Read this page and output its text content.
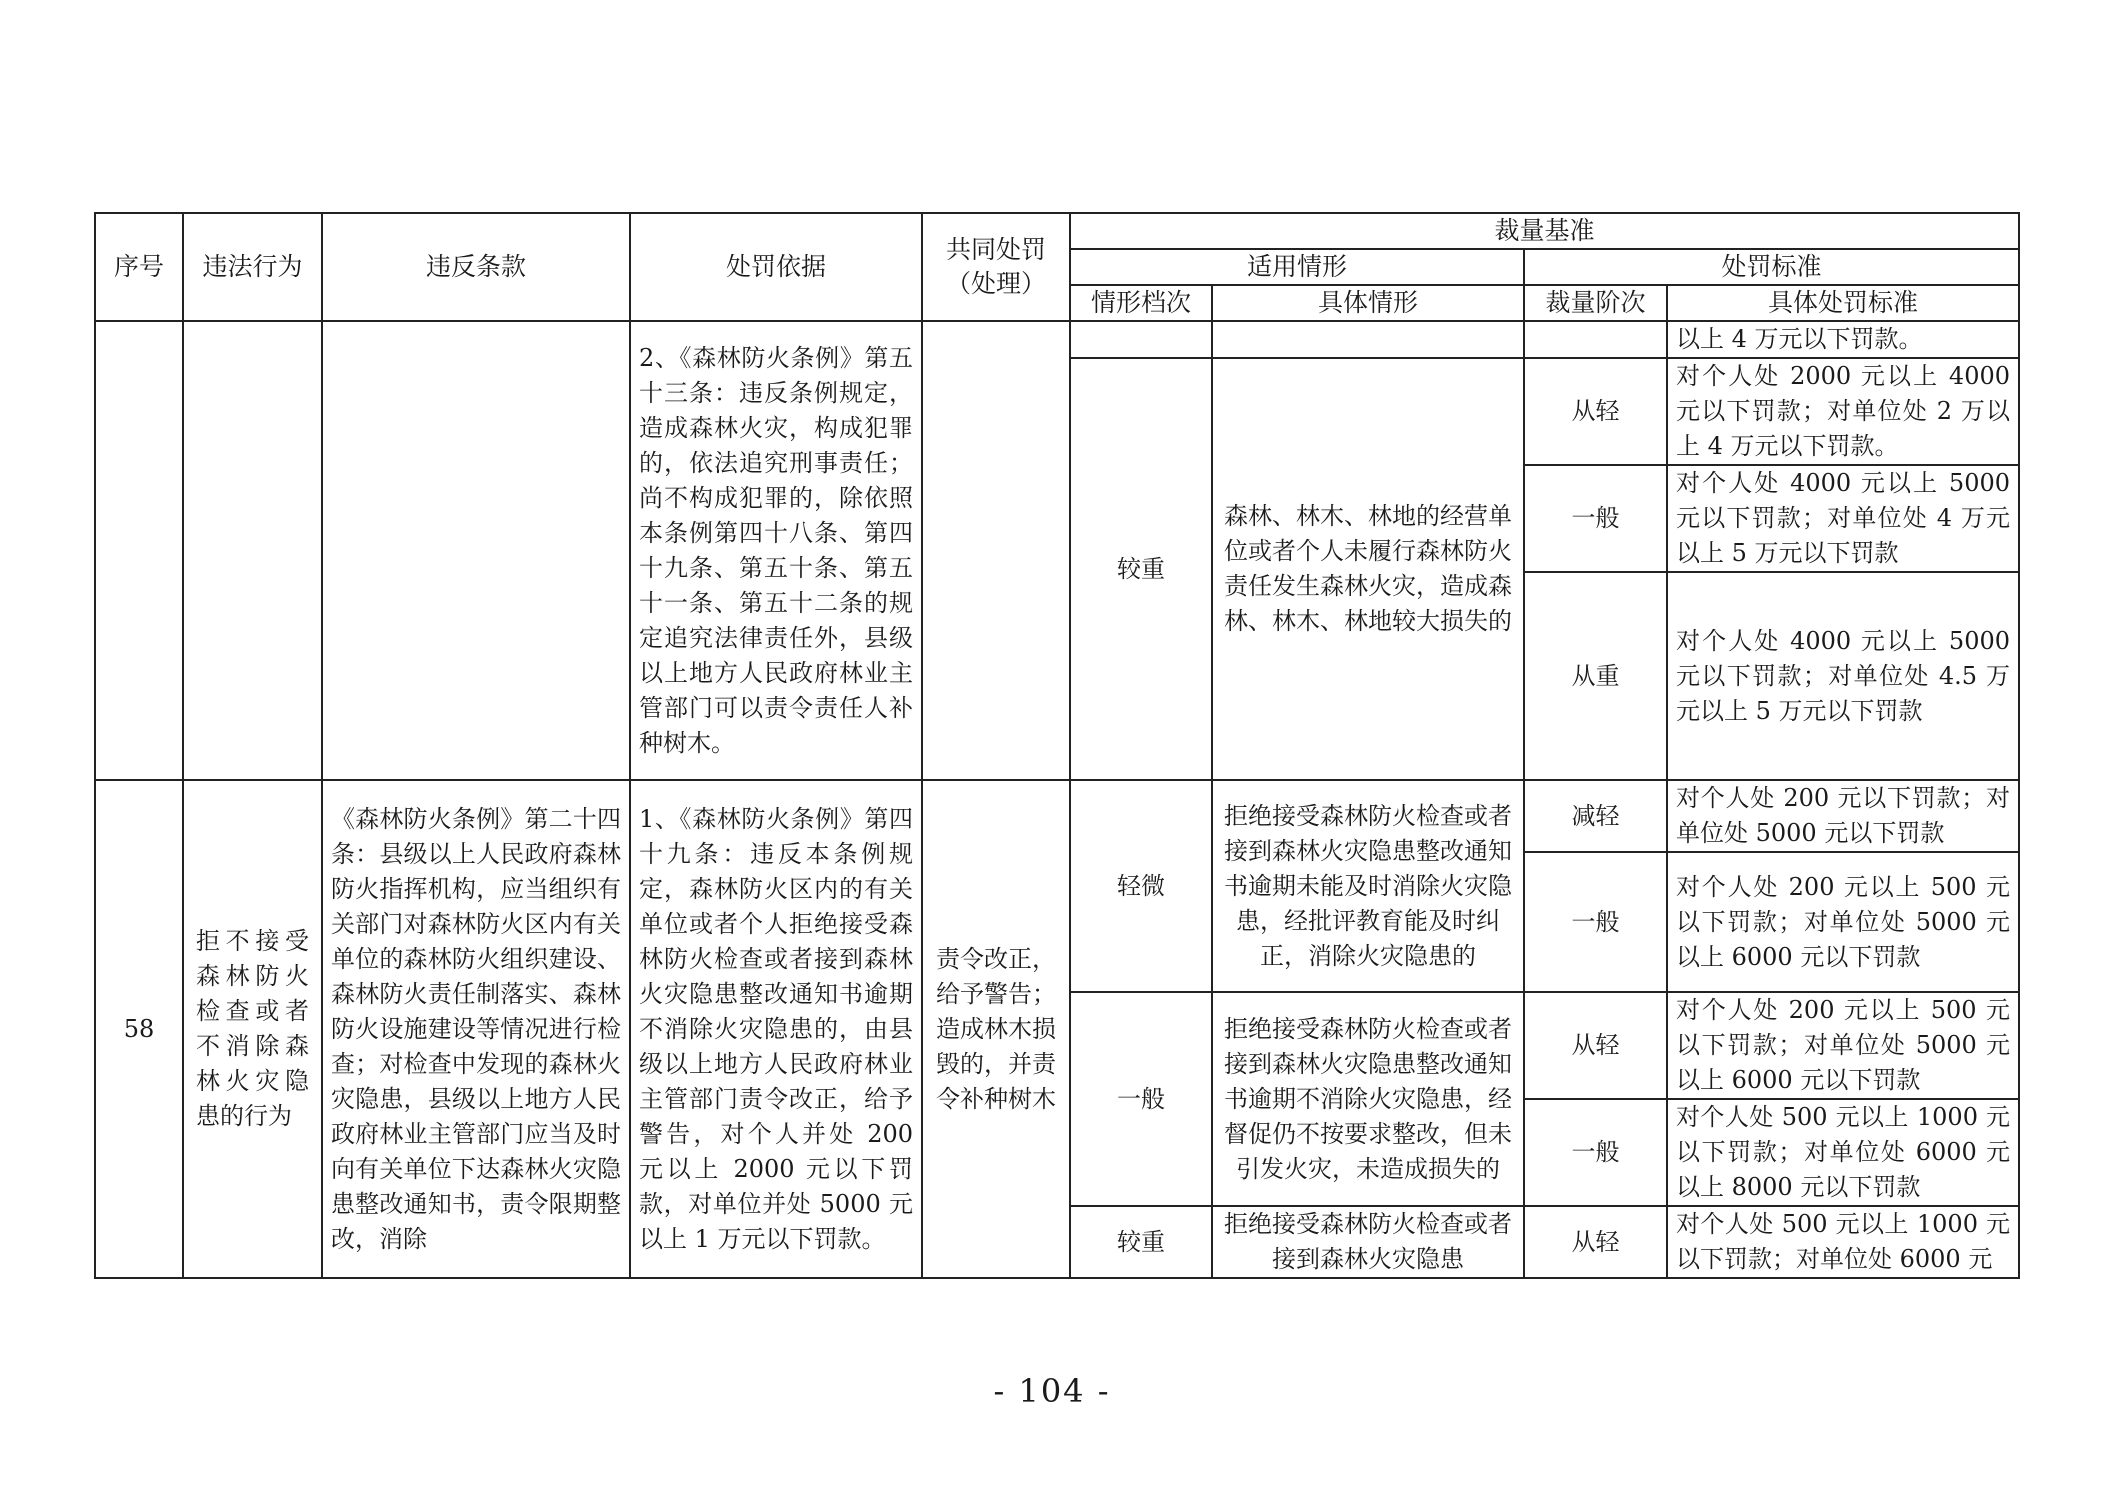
序号	违法行为	违反条款	处罚依据	共同处罚（处理）	裁量基准			
					适用情形		处罚标准	
					情形档次	具体情形	裁量阶次	具体处罚标准
			2、《森林防火条例》第五十三条：违反条例规定，造成森林火灾，构成犯罪的，依法追究刑事责任；尚不构成犯罪的，除依照本条例第四十八条、第四十九条、第五十条、第五十一条、第五十二条的规定追究法律责任外，县级以上地方人民政府林业主管部门可以责令责任人补种树木。					以上 4 万元以下罚款。
					较重	森林、林木、林地的经营单位或者个人未履行森林防火责任发生森林火灾，造成森林、林木、林地较大损失的	从轻	对个人处 2000 元以上 4000 元以下罚款；对单位处 2 万以上 4 万元以下罚款。
							一般	对个人处 4000 元以上 5000 元以下罚款；对单位处 4 万元以上 5 万元以下罚款
							从重	对个人处 4000 元以上 5000 元以下罚款；对单位处 4.5 万元以上 5 万元以下罚款
58	拒不接受森林防火检查或者不消除森林火灾隐患的行为	《森林防火条例》第二十四条：县级以上人民政府森林防火指挥机构，应当组织有关部门对森林防火区内有关单位的森林防火组织建设、森林防火责任制落实、森林防火设施建设等情况进行检查；对检查中发现的森林火灾隐患，县级以上地方人民政府林业主管部门应当及时向有关单位下达森林火灾隐患整改通知书，责令限期整改，消除	1、《森林防火条例》第四十九条：违反本条例规定，森林防火区内的有关单位或者个人拒绝接受森林防火检查或者接到森林火灾隐患整改通知书逾期不消除火灾隐患的，由县级以上地方人民政府林业主管部门责令改正，给予警告，对个人并处 200 元以上 2000 元以下罚款，对单位并处 5000 元以上 1 万元以下罚款。	责令改正，给予警告；造成林木损毁的，并责令补种树木	轻微	拒绝接受森林防火检查或者接到森林火灾隐患整改通知书逾期未能及时消除火灾隐患，经批评教育能及时纠正，消除火灾隐患的	减轻	对个人处 200 元以下罚款；对单位处 5000 元以下罚款
							一般	对个人处 200 元以上 500 元以下罚款；对单位处 5000 元以上 6000 元以下罚款
					一般	拒绝接受森林防火检查或者接到森林火灾隐患整改通知书逾期不消除火灾隐患，经督促仍不按要求整改，但未引发火灾，未造成损失的	从轻	对个人处 200 元以上 500 元以下罚款；对单位处 5000 元以上 6000 元以下罚款
							一般	对个人处 500 元以上 1000 元以下罚款；对单位处 6000 元以上 8000 元以下罚款
					较重	拒绝接受森林防火检查或者接到森林火灾隐患	从轻	对个人处 500 元以上 1000 元以下罚款；对单位处 6000 元
- 104 -
